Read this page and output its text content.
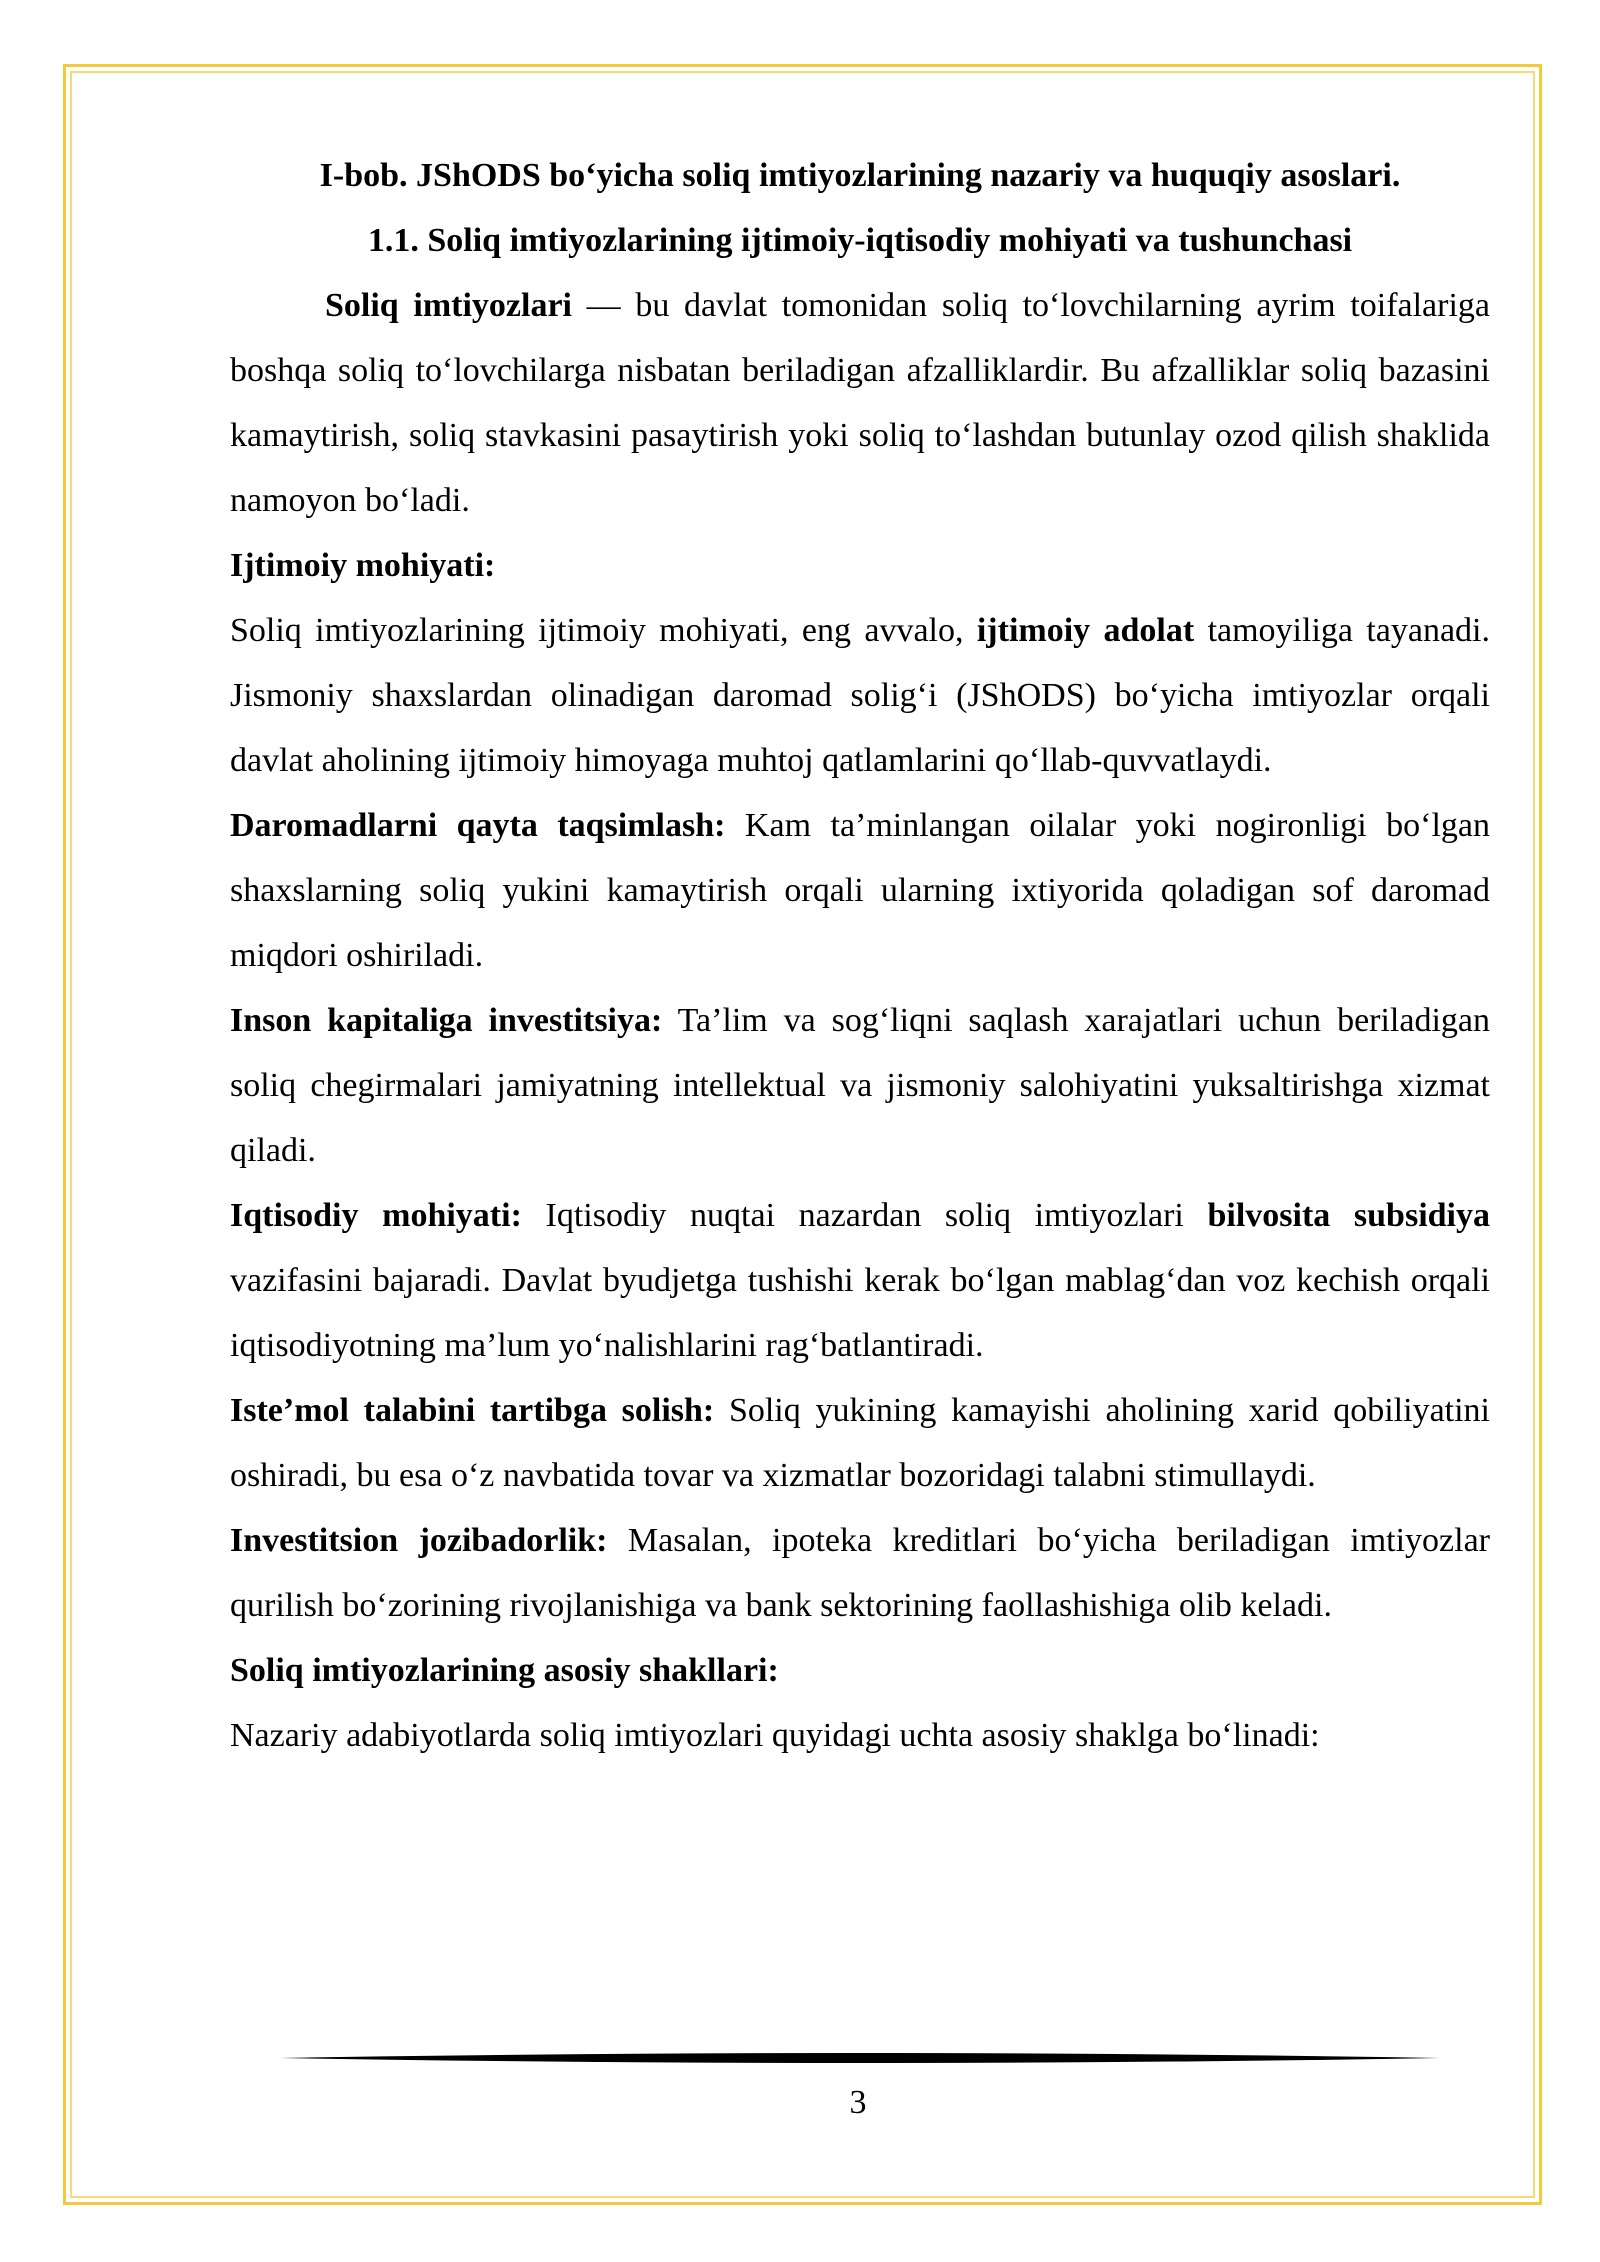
I-bob. JShODS bo‘yicha soliq imtiyozlarining nazariy va huquqiy asoslari.

1.1. Soliq imtiyozlarining ijtimoiy-iqtisodiy mohiyati va tushunchasi

Soliq imtiyozlari — bu davlat tomonidan soliq to‘lovchilarning ayrim toifalariga boshqa soliq to‘lovchilarga nisbatan beriladigan afzalliklardir. Bu afzalliklar soliq bazasini kamaytirish, soliq stavkasini pasaytirish yoki soliq to‘lashdan butunlay ozod qilish shaklida namoyon bo‘ladi.

Ijtimoiy mohiyati:

Soliq imtiyozlarining ijtimoiy mohiyati, eng avvalo, ijtimoiy adolat tamoyiliga tayanadi. Jismoniy shaxslardan olinadigan daromad solig‘i (JShODS) bo‘yicha imtiyozlar orqali davlat aholining ijtimoiy himoyaga muhtoj qatlamlarini qo‘llab-quvvatlaydi.

Daromadlarni qayta taqsimlash: Kam ta’minlangan oilalar yoki nogironligi bo‘lgan shaxslarning soliq yukini kamaytirish orqali ularning ixtiyorida qoladigan sof daromad miqdori oshiriladi.

Inson kapitaliga investitsiya: Ta’lim va sog‘liqni saqlash xarajatlari uchun beriladigan soliq chegirmalari jamiyatning intellektual va jismoniy salohiyatini yuksaltirishga xizmat qiladi.

Iqtisodiy mohiyati: Iqtisodiy nuqtai nazardan soliq imtiyozlari bilvosita subsidiya vazifasini bajaradi. Davlat byudjetga tushishi kerak bo‘lgan mablag‘dan voz kechish orqali iqtisodiyotning ma’lum yo‘nalishlarini rag‘batlantiradi.

Iste’mol talabini tartibga solish: Soliq yukining kamayishi aholining xarid qobiliyatini oshiradi, bu esa o‘z navbatida tovar va xizmatlar bozoridagi talabni stimullaydi.

Investitsion jozibadorlik: Masalan, ipoteka kreditlari bo‘yicha beriladigan imtiyozlar qurilish bo‘zorining rivojlanishiga va bank sektorining faollashishiga olib keladi.

Soliq imtiyozlarining asosiy shakllari:

Nazariy adabiyotlarda soliq imtiyozlari quyidagi uchta asosiy shaklga bo‘linadi:

3
